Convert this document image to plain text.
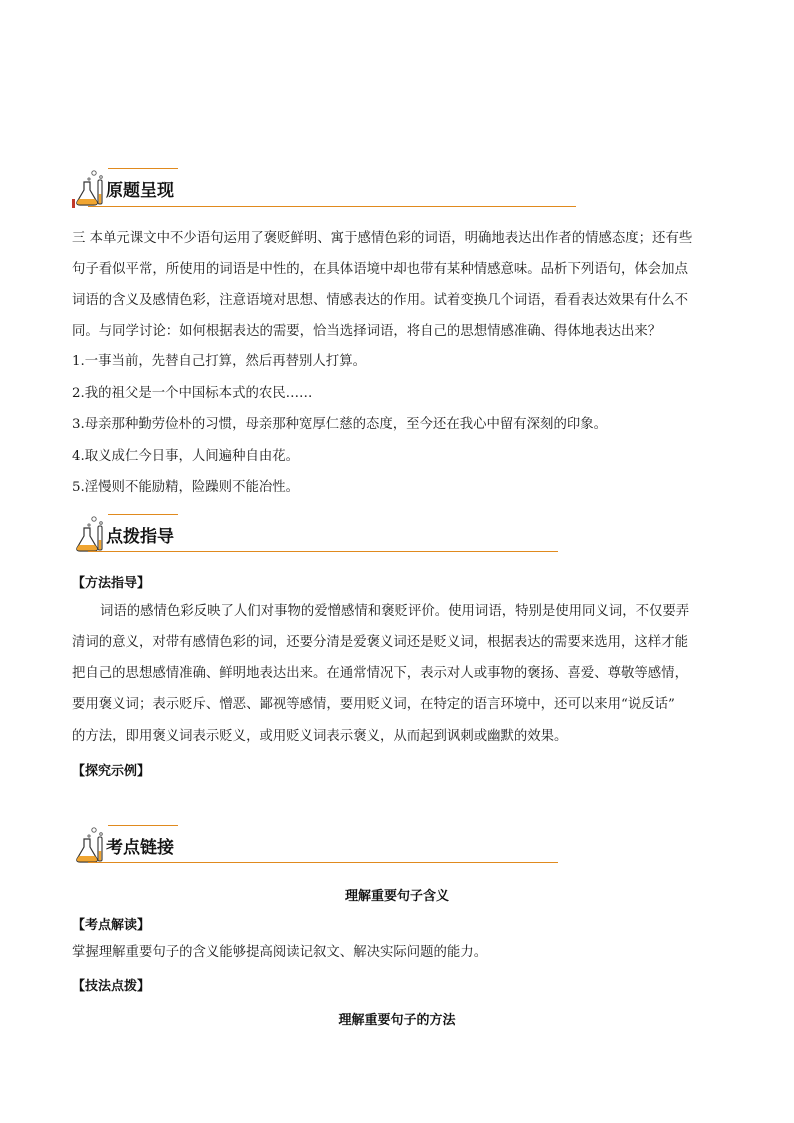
原题呈现
三 本单元课文中不少语句运用了褒贬鲜明、寓于感情色彩的词语，明确地表达出作者的情感态度；还有些
句子看似平常，所使用的词语是中性的，在具体语境中却也带有某种情感意味。品析下列语句，体会加点
词语的含义及感情色彩，注意语境对思想、情感表达的作用。试着变换几个词语，看看表达效果有什么不
同。与同学讨论：如何根据表达的需要，恰当选择词语，将自己的思想情感准确、得体地表达出来？
1.一事当前，先替自己打算，然后再替别人打算。
2.我的祖父是一个中国标本式的农民……
3.母亲那种勤劳俭朴的习惯，母亲那种宽厚仁慈的态度，至今还在我心中留有深刻的印象。
4.取义成仁今日事，人间遍种自由花。
5.淫慢则不能励精，险躁则不能冶性。
点拨指导
【方法指导】
词语的感情色彩反映了人们对事物的爱憎感情和褒贬评价。使用词语，特别是使用同义词，不仅要弄
清词的意义，对带有感情色彩的词，还要分清是爱褒义词还是贬义词，根据表达的需要来选用，这样才能
把自己的思想感情准确、鲜明地表达出来。在通常情况下，表示对人或事物的褒扬、喜爱、尊敬等感情，
要用褒义词；表示贬斥、憎恶、鄙视等感情，要用贬义词，在特定的语言环境中，还可以来用“说反话”
的方法，即用褒义词表示贬义，或用贬义词表示褒义，从而起到讽刺或幽默的效果。
【探究示例】
考点链接
理解重要句子含义
【考点解读】
掌握理解重要句子的含义能够提高阅读记叙文、解决实际问题的能力。
【技法点拨】
理解重要句子的方法
